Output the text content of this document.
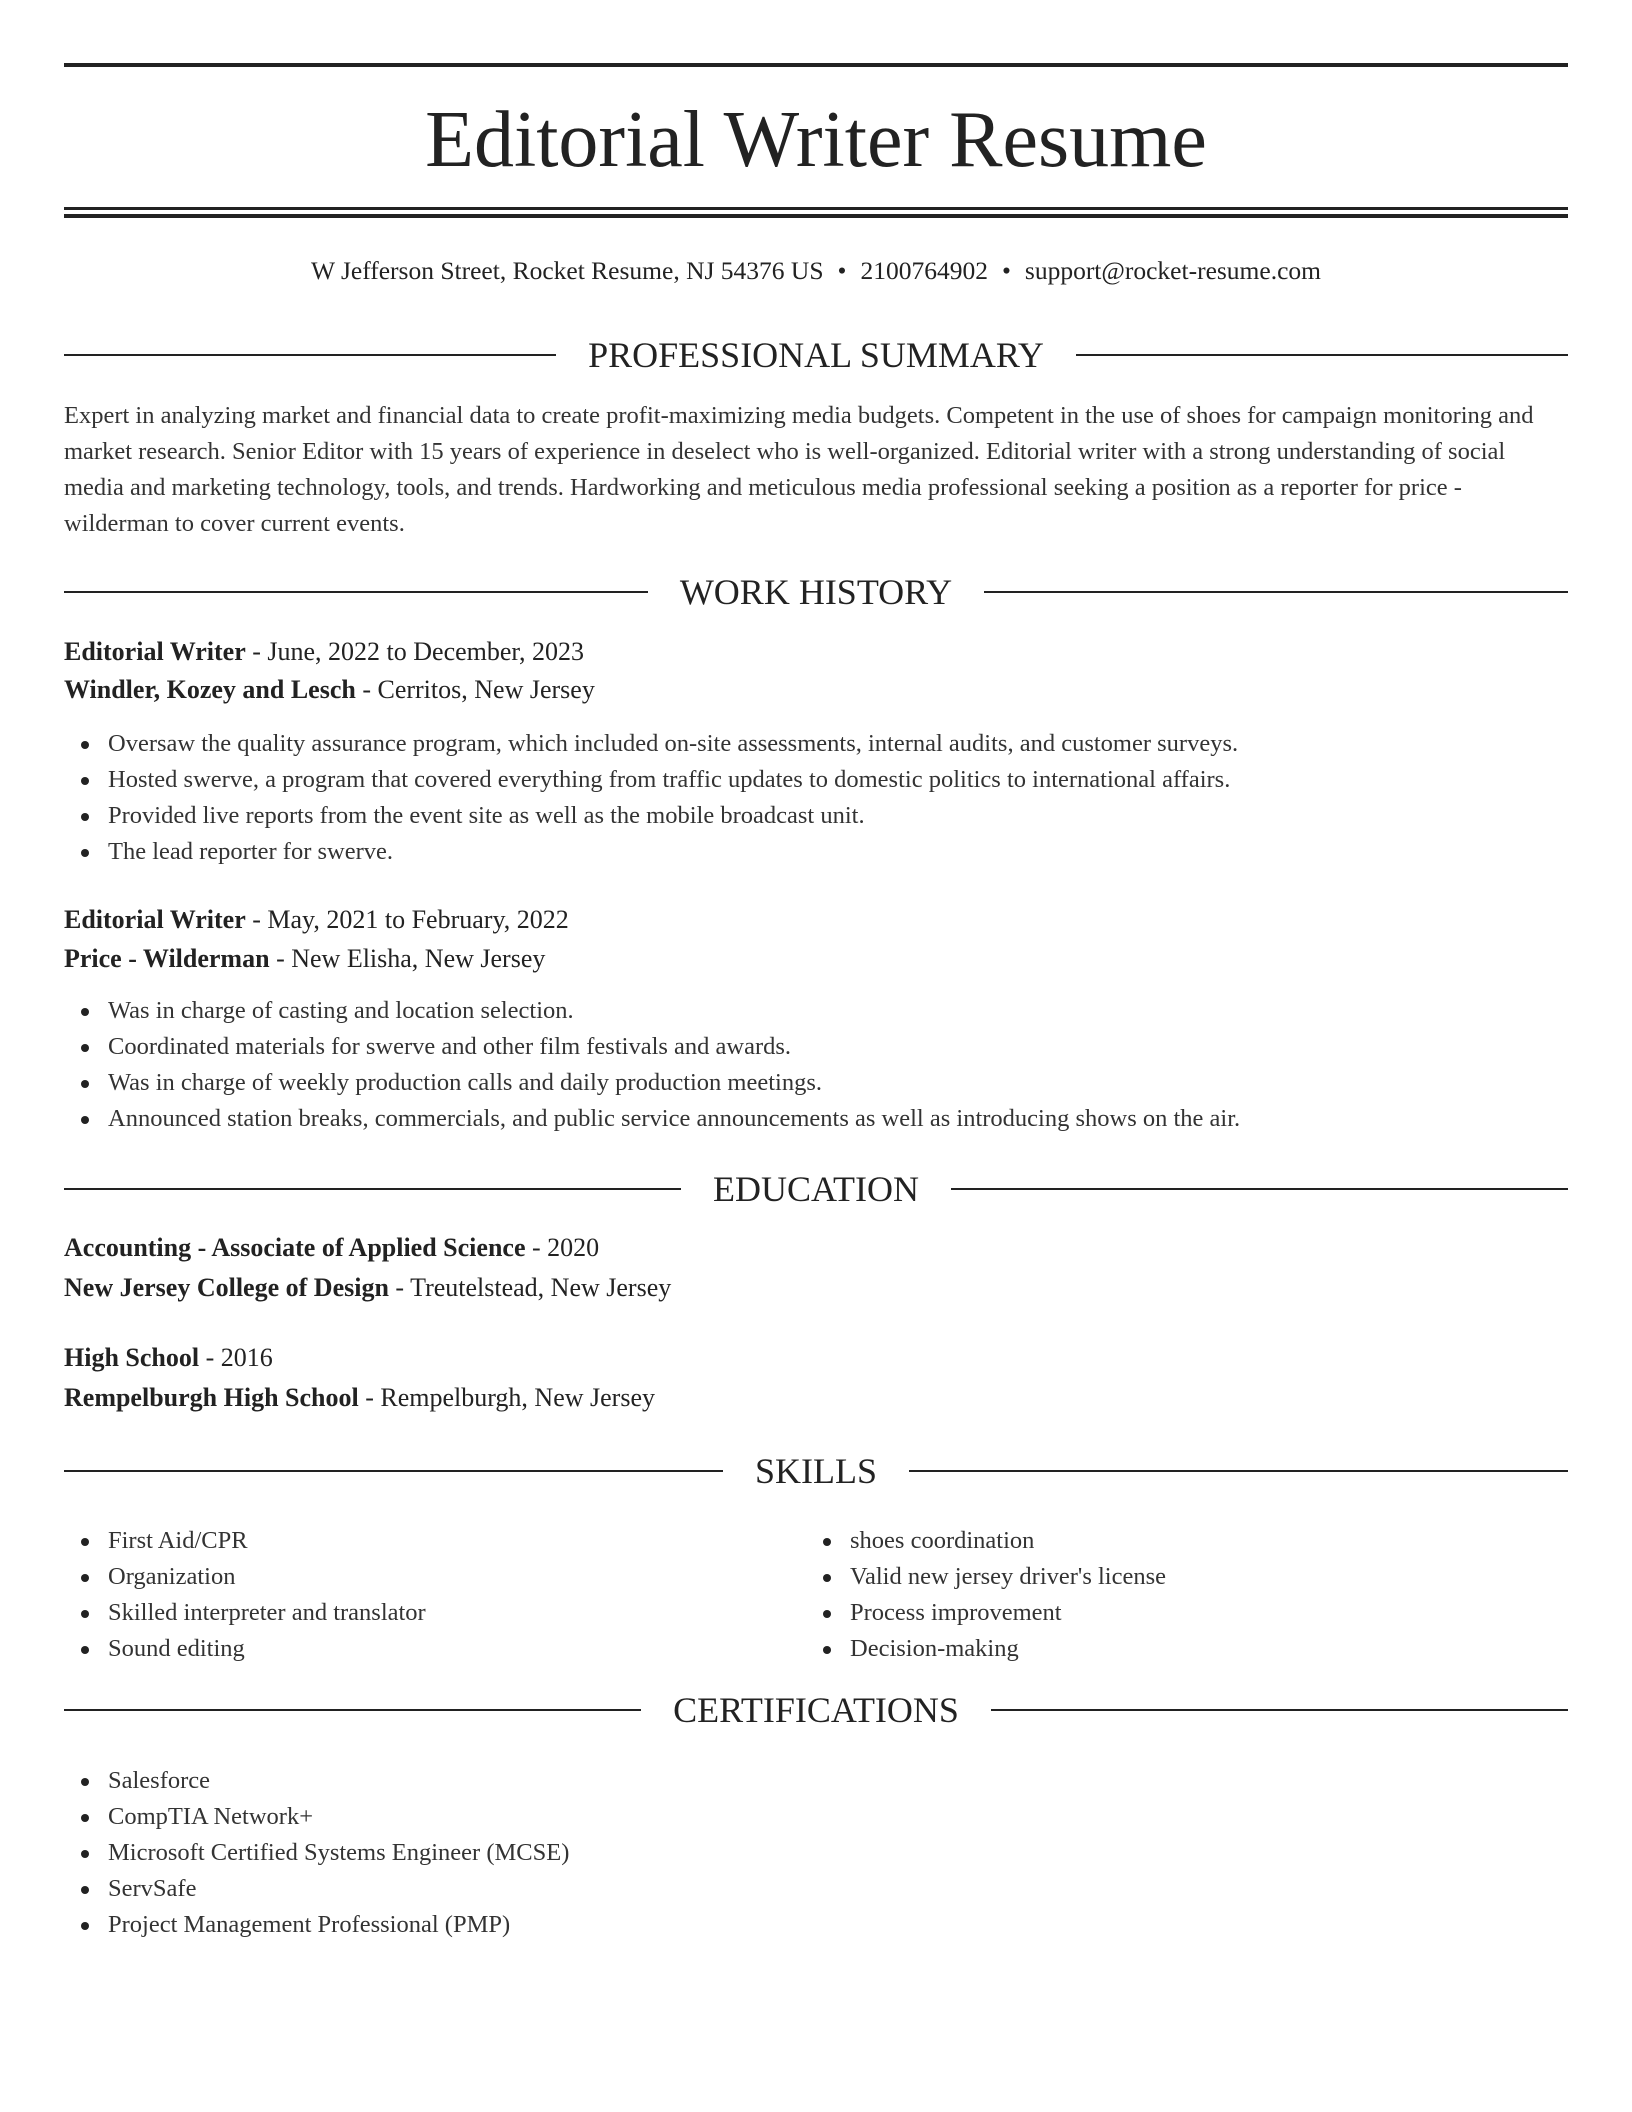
Editorial Writer Resume
W Jefferson Street, Rocket Resume, NJ 54376 US • 2100764902 • support@rocket-resume.com
PROFESSIONAL SUMMARY
Expert in analyzing market and financial data to create profit-maximizing media budgets. Competent in the use of shoes for campaign monitoring and
market research. Senior Editor with 15 years of experience in deselect who is well-organized. Editorial writer with a strong understanding of social
media and marketing technology, tools, and trends. Hardworking and meticulous media professional seeking a position as a reporter for price -
wilderman to cover current events.
WORK HISTORY
Editorial Writer - June, 2022 to December, 2023
Windler, Kozey and Lesch - Cerritos, New Jersey
Oversaw the quality assurance program, which included on-site assessments, internal audits, and customer surveys.
Hosted swerve, a program that covered everything from traffic updates to domestic politics to international affairs.
Provided live reports from the event site as well as the mobile broadcast unit.
The lead reporter for swerve.
Editorial Writer - May, 2021 to February, 2022
Price - Wilderman - New Elisha, New Jersey
Was in charge of casting and location selection.
Coordinated materials for swerve and other film festivals and awards.
Was in charge of weekly production calls and daily production meetings.
Announced station breaks, commercials, and public service announcements as well as introducing shows on the air.
EDUCATION
Accounting - Associate of Applied Science - 2020
New Jersey College of Design - Treutelstead, New Jersey
High School - 2016
Rempelburgh High School - Rempelburgh, New Jersey
SKILLS
First Aid/CPR
Organization
Skilled interpreter and translator
Sound editing
shoes coordination
Valid new jersey driver's license
Process improvement
Decision-making
CERTIFICATIONS
Salesforce
CompTIA Network+
Microsoft Certified Systems Engineer (MCSE)
ServSafe
Project Management Professional (PMP)
